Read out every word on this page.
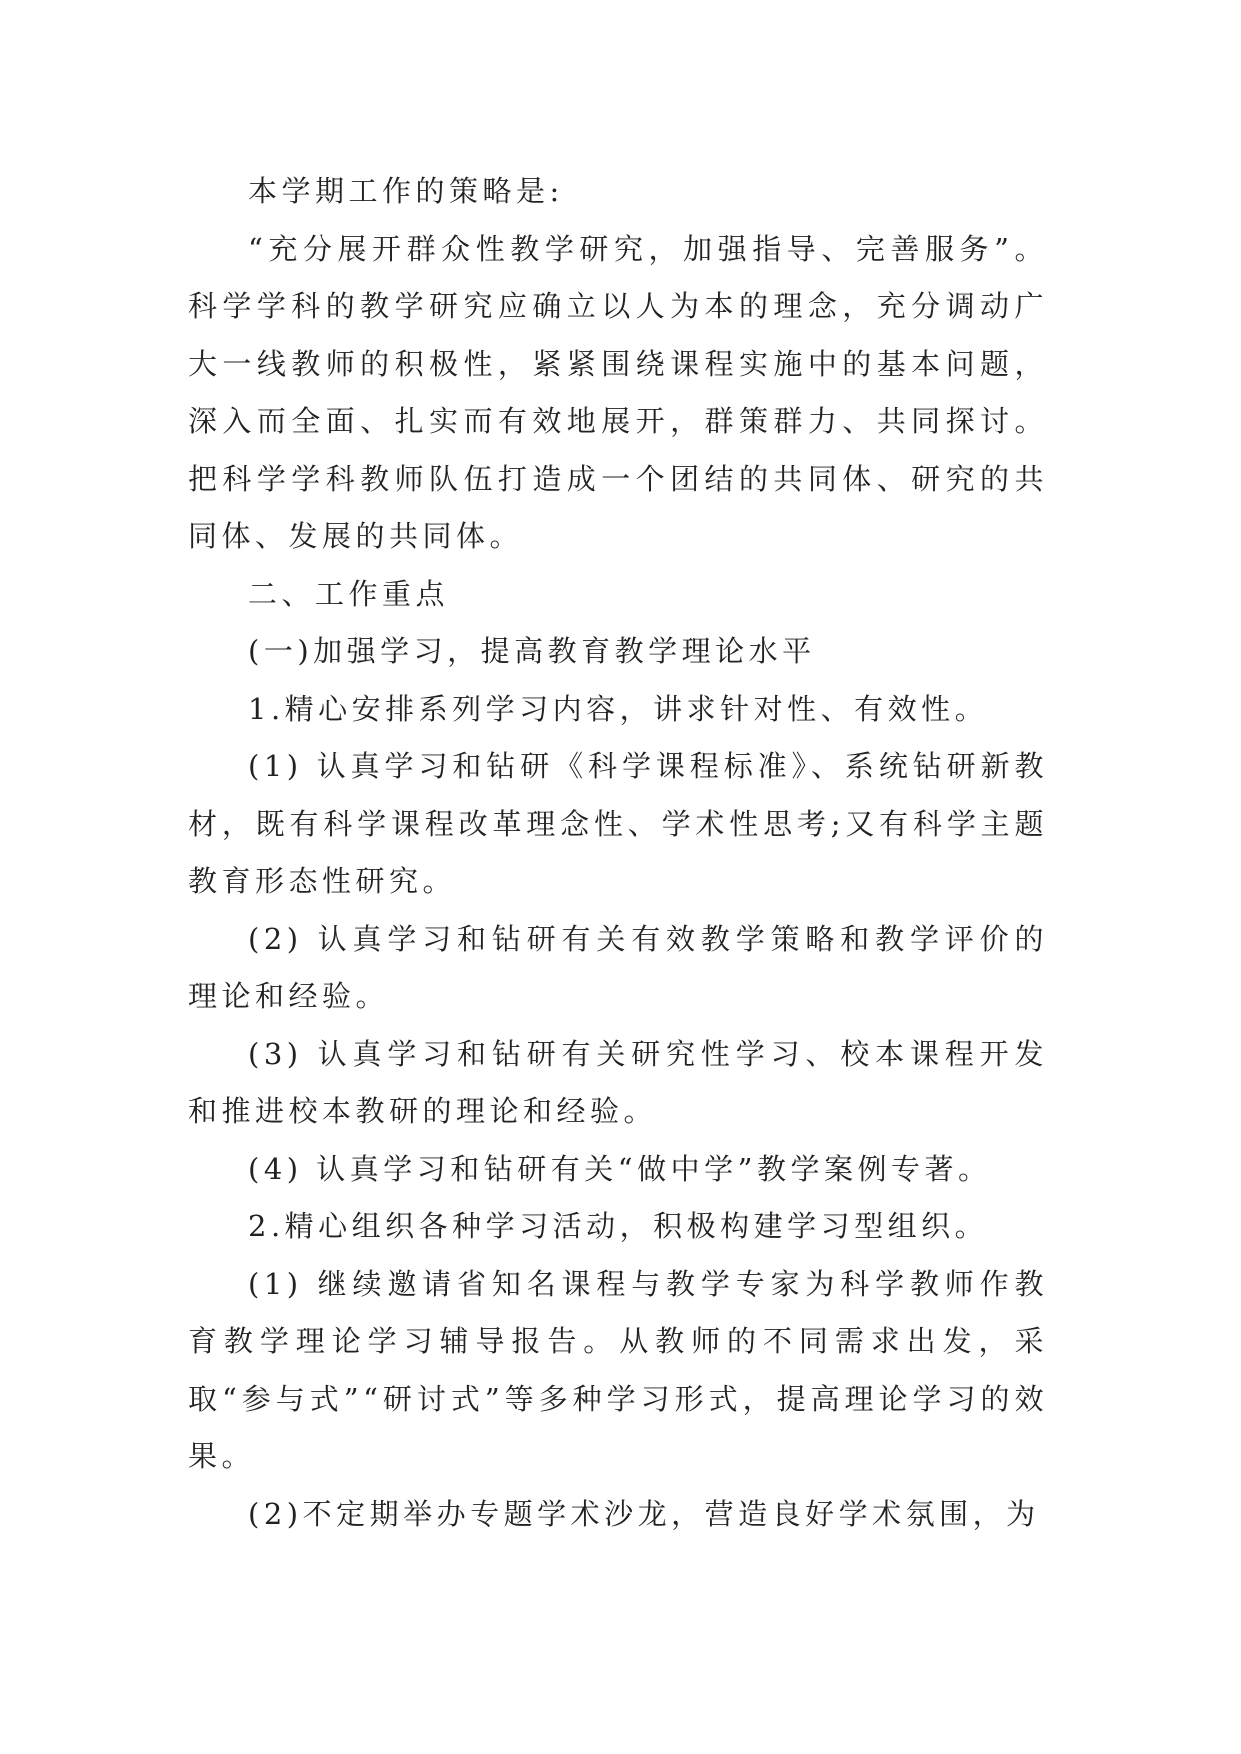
本学期工作的策略是:

“充分展开群众性教学研究，加强指导、完善服务”。科学学科的教学研究应确立以人为本的理念，充分调动广大一线教师的积极性，紧紧围绕课程实施中的基本问题，深入而全面、扎实而有效地展开，群策群力、共同探讨。把科学学科教师队伍打造成一个团结的共同体、研究的共同体、发展的共同体。

二、工作重点

(一)加强学习，提高教育教学理论水平

1.精心安排系列学习内容，讲求针对性、有效性。

(1) 认真学习和钻研《科学课程标准》、系统钻研新教材，既有科学课程改革理念性、学术性思考;又有科学主题教育形态性研究。

(2) 认真学习和钻研有关有效教学策略和教学评价的理论和经验。

(3) 认真学习和钻研有关研究性学习、校本课程开发和推进校本教研的理论和经验。

(4) 认真学习和钻研有关“做中学”教学案例专著。

2.精心组织各种学习活动，积极构建学习型组织。

(1) 继续邀请省知名课程与教学专家为科学教师作教育教学理论学习辅导报告。从教师的不同需求出发，采取“参与式”“研讨式”等多种学习形式，提高理论学习的效果。

(2)不定期举办专题学术沙龙，营造良好学术氛围，为
